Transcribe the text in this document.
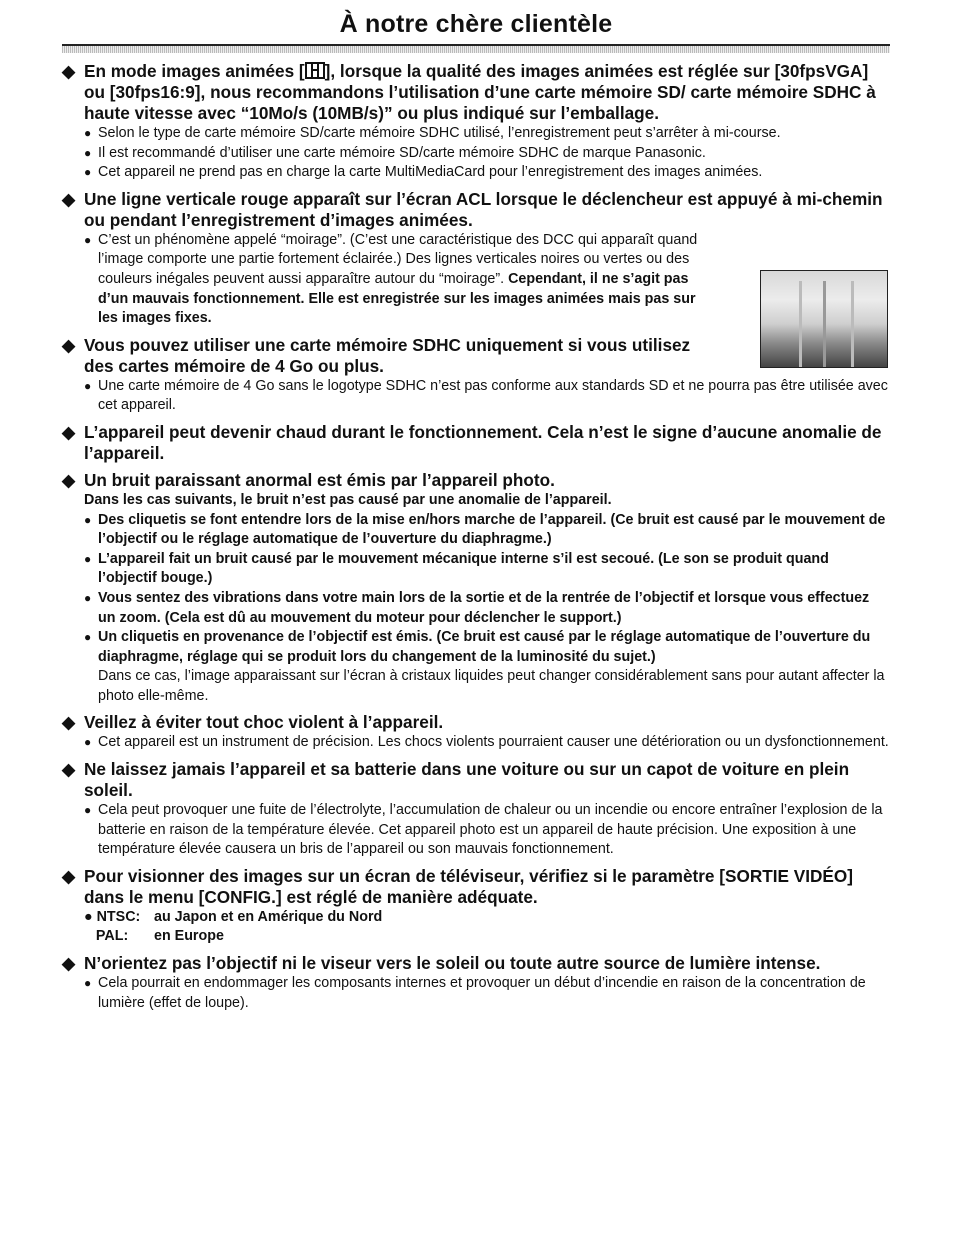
À notre chère clientèle
◆ En mode images animées [ ], lorsque la qualité des images animées est réglée sur [30fpsVGA] ou [30fps16:9], nous recommandons l’utilisation d’une carte mémoire SD/ carte mémoire SDHC à haute vitesse avec “10Mo/s (10MB/s)” ou plus indiqué sur l’emballage.
● Selon le type de carte mémoire SD/carte mémoire SDHC utilisé, l’enregistrement peut s’arrêter à mi-course.
● Il est recommandé d’utiliser une carte mémoire SD/carte mémoire SDHC de marque Panasonic.
● Cet appareil ne prend pas en charge la carte MultiMediaCard pour l’enregistrement des images animées.
◆ Une ligne verticale rouge apparaît sur l’écran ACL lorsque le déclencheur est appuyé à mi-chemin ou pendant l’enregistrement d’images animées.
● C’est un phénomène appelé “moirage”. (C’est une caractéristique des DCC qui apparaît quand l’image comporte une partie fortement éclairée.) Des lignes verticales noires ou vertes ou des couleurs inégales peuvent aussi apparaître autour du “moirage”. Cependant, il ne s’agit pas d’un mauvais fonctionnement. Elle est enregistrée sur les images animées mais pas sur les images fixes.
◆ Vous pouvez utiliser une carte mémoire SDHC uniquement si vous utilisez des cartes mémoire de 4 Go ou plus.
● Une carte mémoire de 4 Go sans le logotype SDHC n’est pas conforme aux standards SD et ne pourra pas être utilisée avec cet appareil.
◆ L’appareil peut devenir chaud durant le fonctionnement. Cela n’est le signe d’aucune anomalie de l’appareil.
◆ Un bruit paraissant anormal est émis par l’appareil photo.
Dans les cas suivants, le bruit n’est pas causé par une anomalie de l’appareil.
● Des cliquetis se font entendre lors de la mise en/hors marche de l’appareil. (Ce bruit est causé par le mouvement de l’objectif ou le réglage automatique de l’ouverture du diaphragme.)
● L’appareil fait un bruit causé par le mouvement mécanique interne s’il est secoué. (Le son se produit quand l’objectif bouge.)
● Vous sentez des vibrations dans votre main lors de la sortie et de la rentrée de l’objectif et lorsque vous effectuez un zoom. (Cela est dû au mouvement du moteur pour déclencher le support.)
● Un cliquetis en provenance de l’objectif est émis. (Ce bruit est causé par le réglage automatique de l’ouverture du diaphragme, réglage qui se produit lors du changement de la luminosité du sujet.)
Dans ce cas, l’image apparaissant sur l’écran à cristaux liquides peut changer considérablement sans pour autant affecter la photo elle-même.
◆ Veillez à éviter tout choc violent à l’appareil.
● Cet appareil est un instrument de précision. Les chocs violents pourraient causer une détérioration ou un dysfonctionnement.
◆ Ne laissez jamais l’appareil et sa batterie dans une voiture ou sur un capot de voiture en plein soleil.
● Cela peut provoquer une fuite de l’électrolyte, l’accumulation de chaleur ou un incendie ou encore entraîner l’explosion de la batterie en raison de la température élevée. Cet appareil photo est un appareil de haute précision. Une exposition à une température élevée causera un bris de l’appareil ou son mauvais fonctionnement.
◆ Pour visionner des images sur un écran de téléviseur, vérifiez si le paramètre [SORTIE VIDÉO] dans le menu [CONFIG.] est réglé de manière adéquate.
● NTSC: au Japon et en Amérique du Nord
PAL: en Europe
◆ N’orientez pas l’objectif ni le viseur vers le soleil ou toute autre source de lumière intense.
● Cela pourrait en endommager les composants internes et provoquer un début d’incendie en raison de la concentration de lumière (effet de loupe).
